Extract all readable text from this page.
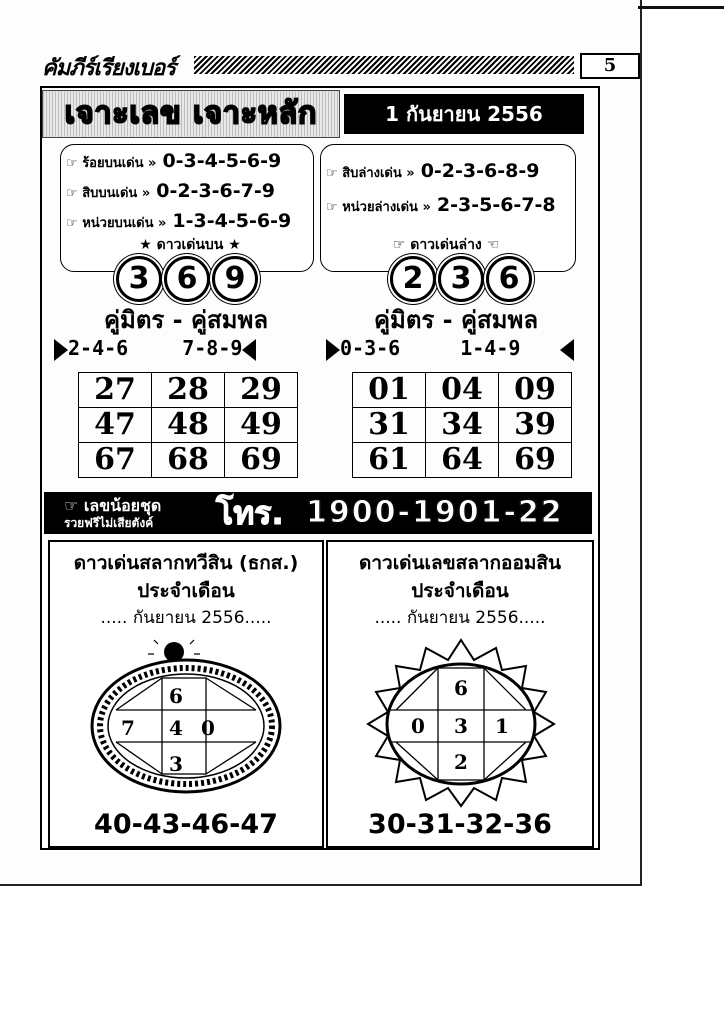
คัมภีร์เรียงเบอร์	5
เจาะเลข เจาะหลัก	1 กันยายน 2556
☞ ร้อยบนเด่น » 0-3-4-5-6-9
☞ สิบบนเด่น » 0-2-3-6-7-9
☞ หน่วยบนเด่น » 1-3-4-5-6-9
★ ดาวเด่นบน ★
3 6 9
☞ สิบล่างเด่น » 0-2-3-6-8-9
☞ หน่วยล่างเด่น » 2-3-5-6-7-8
☞ ดาวเด่นล่าง ☜
2 3 6
คู่มิตร - คู่สมพล	คู่มิตร - คู่สมพล
2-4-6	7-8-9	0-3-6	1-4-9
27	28	29
47	48	49
67	68	69
01	04	09
31	34	39
61	64	69
☞ เลขน้อยชุด
รวยฟรีไม่เสียตังค์ โทร. 1900-1901-22
ดาวเด่นสลากทวีสิน (ธกส.)
ประจำเดือน
..... กันยายน 2556.....
6
7 4 0
3
40-43-46-47
ดาวเด่นเลขสลากออมสิน
ประจำเดือน
..... กันยายน 2556.....
6
0 3 1
2
30-31-32-36
